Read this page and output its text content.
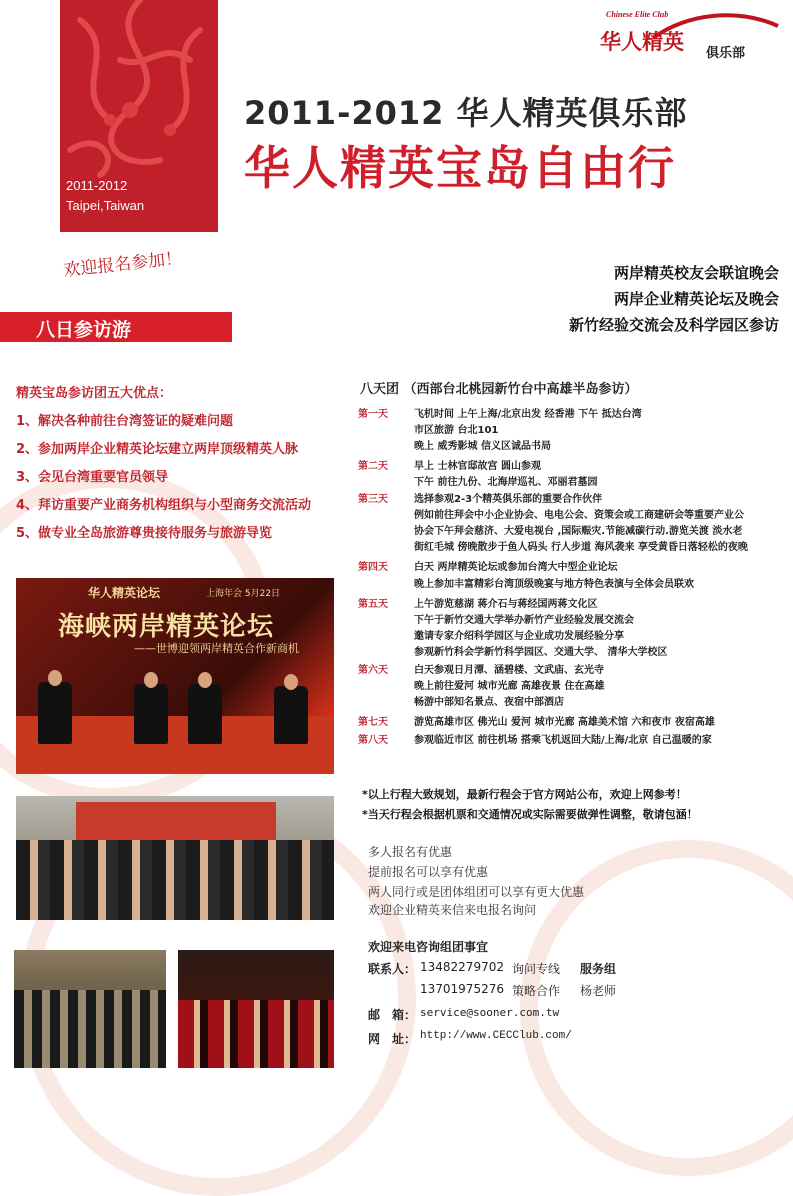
2011-2012
Taipei,Taiwan
Chinese Elite Club
华人精英 俱乐部
2011-2012 华人精英俱乐部
华人精英宝岛自由行
欢迎报名参加！	两岸精英校友会联谊晚会
两岸企业精英论坛及晚会
新竹经验交流会及科学园区参访
八日参访游
精英宝岛参访团五大优点：
1、解决各种前往台湾签证的疑难问题
2、参加两岸企业精英论坛建立两岸顶级精英人脉
3、会见台湾重要官员领导
4、拜访重要产业商务机构组织与小型商务交流活动
5、做专业全岛旅游尊贵接待服务与旅游导览
华人精英论坛	上海年会 5月22日
海峡两岸精英论坛
——世博迎领两岸精英合作新商机
八天团 （西部台北桃园新竹台中高雄半岛参访）
第一天	飞机时间 上午上海/北京出发 经香港 下午 抵达台湾
市区旅游 台北101
晚上 威秀影城 信义区诚品书局
第二天	早上 士林官邸故宫 圆山参观
下午 前往九份、北海岸巡礼、邓丽君墓园
第三天	选择参观2-3个精英俱乐部的重要合作伙伴
例如前往拜会中小企业协会、电电公会、资策会或工商建研会等重要产业公
协会下午拜会慈济、大爱电视台 ,国际赈灾.节能减碳行动.游览关渡 淡水老
街红毛城 傍晚散步于鱼人码头 行人步道 海风袭来 享受黄昏日落轻松的夜晚
第四天	白天 两岸精英论坛或参加台湾大中型企业论坛
晚上参加丰富精彩台湾顶级晚宴与地方特色表演与全体会员联欢
第五天	上午游览慈湖 蒋介石与蒋经国两蒋文化区
下午于新竹交通大学举办新竹产业经验发展交流会
邀请专家介绍科学园区与企业成功发展经验分享
参观新竹科会学新竹科学园区、交通大学、 清华大学校区
第六天	白天参观日月潭、涵碧楼、文武庙、玄光寺
晚上前往爱河 城市光廊 高雄夜景 住在高雄
畅游中部知名景点、夜宿中部酒店
第七天	游览高雄市区 佛光山 爱河 城市光廊 高雄美术馆 六和夜市 夜宿高雄
第八天	参观临近市区 前往机场 搭乘飞机返回大陆/上海/北京 自己温暖的家
*以上行程大致规划，最新行程会于官方网站公布，欢迎上网参考！
*当天行程会根据机票和交通情况或实际需要做弹性调整，敬请包涵！
多人报名有优惠
提前报名可以享有优惠
两人同行或是团体组团可以享有更大优惠
欢迎企业精英来信来电报名询问
欢迎来电咨询组团事宜
联系人： 13482279702 询问专线 服务组
13701975276 策略合作 杨老师
邮　箱： service@sooner.com.tw
网　址： http://www.CECClub.com/
